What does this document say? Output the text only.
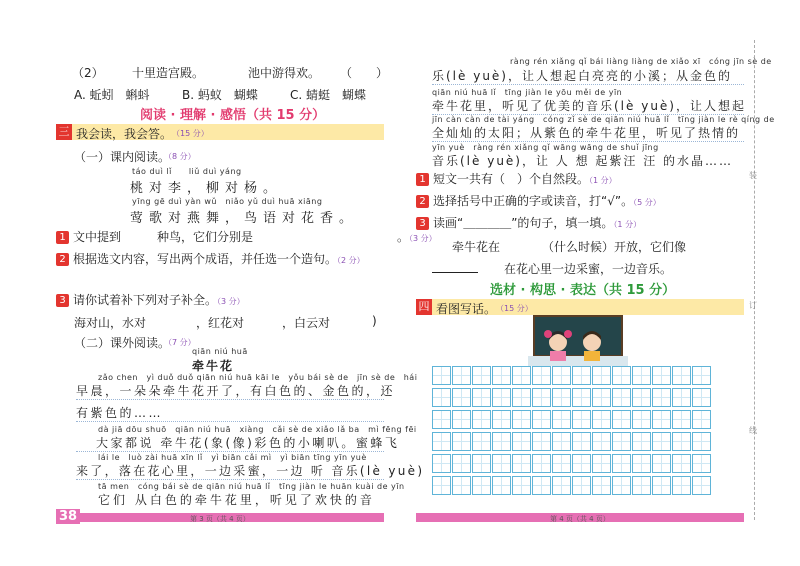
（2） 十里造宫殿。	池中游得欢。 （　　）
A. 蚯蚓　蝌蚪	B. 蚂蚁　蝴蝶	C. 蜻蜓　蝴蝶
阅读 · 理解 · 感悟（共 15 分）
三 我会读，我会答。 （15 分）
（一）课内阅读。
（8 分）
táo duì lǐ　　liǔ duì yáng
桃对李，柳对杨。
yīng gē duì yàn wǔ　niǎo yǔ duì huā xiāng
莺歌对燕舞，鸟语对花香。
1 文中提到　　　种鸟，它们分别是　　　　　　　　　　　　。（3 分）
2 根据选文内容，写出两个成语，并任选一个造句。（2 分）
3 请你试着补下列对子补全。（3 分）
海对山，水对	，红花对	，白云对	)
（二）课外阅读。
（7 分）
qiān niú huā
牵牛花
zǎo chen　yì duǒ duǒ qiān niú huā kāi le　yǒu bái sè de　jīn sè de　hái
早晨，一朵朵牵牛花开了，有白色的、金色的，还
有紫色的……
dà jiā dōu shuō　qiān niú huā　xiàng　cǎi sè de xiǎo lǎ ba　mì fēng fēi
大家都说 牵牛花(象(像)彩色的小喇叭。蜜蜂飞
lái le　luò zài huā xīn lǐ　yì biān cǎi mì　yì biān tīng yīn yuè
来了，落在花心里，一边采蜜，一边 听 音乐(lè yuè)
tā men　cóng bái sè de qiān niú huā lǐ　tīng jiàn le huān kuài de yīn
它们 从白色的牵牛花里，听见了欢快的音
38	第 3 页（共 4 页）
ràng rén xiǎng qǐ bái liàng liàng de xiǎo xī　cóng jīn sè de
乐(lè yuè)，让人想起白亮亮的小溪；从金色的
qiān niú huā lǐ　tīng jiàn le yōu měi de yīn
牵牛花里，听见了优美的音乐(lè yuè)，让人想起
jīn càn càn de tài yáng　cóng zǐ sè de qiān niú huā lǐ　tīng jiàn le rè qíng de
全灿灿的太阳；从紫色的牵牛花里，听见了热情的
yīn yuè　ràng rén xiǎng qǐ wāng wāng de shuǐ jīng
音乐(lè yuè)，让 人 想 起紫汪 汪 的水晶……
1 短文一共有（　）个自然段。（1 分）
2 选择括号中正确的字或读音，打“√”。（5 分）
3 读画“＿＿＿＿”的句子，填一填。（1 分）
牵牛花在　　　　（什么时候）开放，它们像
　　　　　　在花心里一边采蜜，一边音乐。
选材 · 构思 · 表达（共 15 分）
四 看图写话。 （15 分）
第 4 页（共 4 页）
装
订
线
